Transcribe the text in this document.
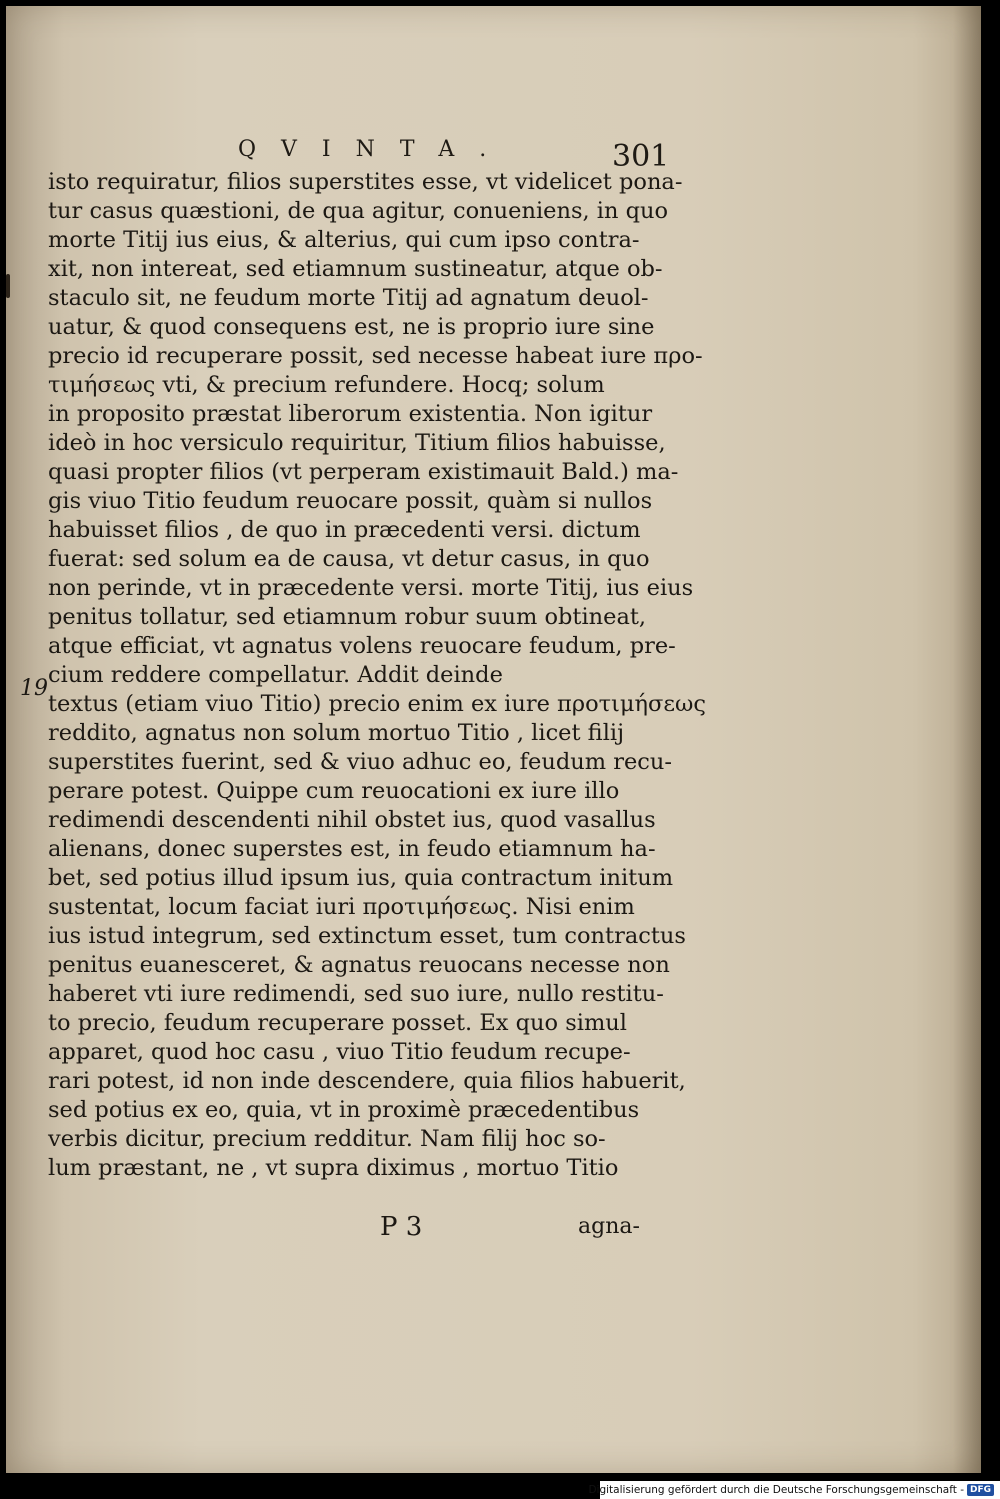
QVINTA.	301
19
isto requiratur, filios superstites esse, vt videlicet pona-
tur casus quæstioni, de qua agitur, conueniens, in quo
morte Titij ius eius, & alterius, qui cum ipso contra-
xit, non intereat, sed etiamnum sustineatur, atque ob-
staculo sit, ne feudum morte Titij ad agnatum deuol-
uatur, & quod consequens est, ne is proprio iure sine
precio id recuperare possit, sed necesse habeat iure προ-
τιμήσεως vti, & precium refundere. Hocq; solum
in proposito præstat liberorum existentia. Non igitur
ideò in hoc versiculo requiritur, Titium filios habuisse,
quasi propter filios (vt perperam existimauit Bald.) ma-
gis viuo Titio feudum reuocare possit, quàm si nullos
habuisset filios , de quo in præcedenti versi. dictum
fuerat: sed solum ea de causa, vt detur casus, in quo
non perinde, vt in præcedente versi. morte Titij, ius eius
penitus tollatur, sed etiamnum robur suum obtineat,
atque efficiat, vt agnatus volens reuocare feudum, pre-
cium reddere compellatur. Addit deinde
textus (etiam viuo Titio) precio enim ex iure προτιμήσεως
reddito, agnatus non solum mortuo Titio , licet filij
superstites fuerint, sed & viuo adhuc eo, feudum recu-
perare potest. Quippe cum reuocationi ex iure illo
redimendi descendenti nihil obstet ius, quod vasallus
alienans, donec superstes est, in feudo etiamnum ha-
bet, sed potius illud ipsum ius, quia contractum initum
sustentat, locum faciat iuri προτιμήσεως. Nisi enim
ius istud integrum, sed extinctum esset, tum contractus
penitus euanesceret, & agnatus reuocans necesse non
haberet vti iure redimendi, sed suo iure, nullo restitu-
to precio, feudum recuperare posset. Ex quo simul
apparet, quod hoc casu , viuo Titio feudum recupe-
rari potest, id non inde descendere, quia filios habuerit,
sed potius ex eo, quia, vt in proximè præcedentibus
verbis dicitur, precium redditur. Nam filij hoc so-
lum præstant, ne , vt supra diximus , mortuo Titio
P 3	agna-
Digitalisierung gefördert durch die Deutsche Forschungsgemeinschaft - DFG
